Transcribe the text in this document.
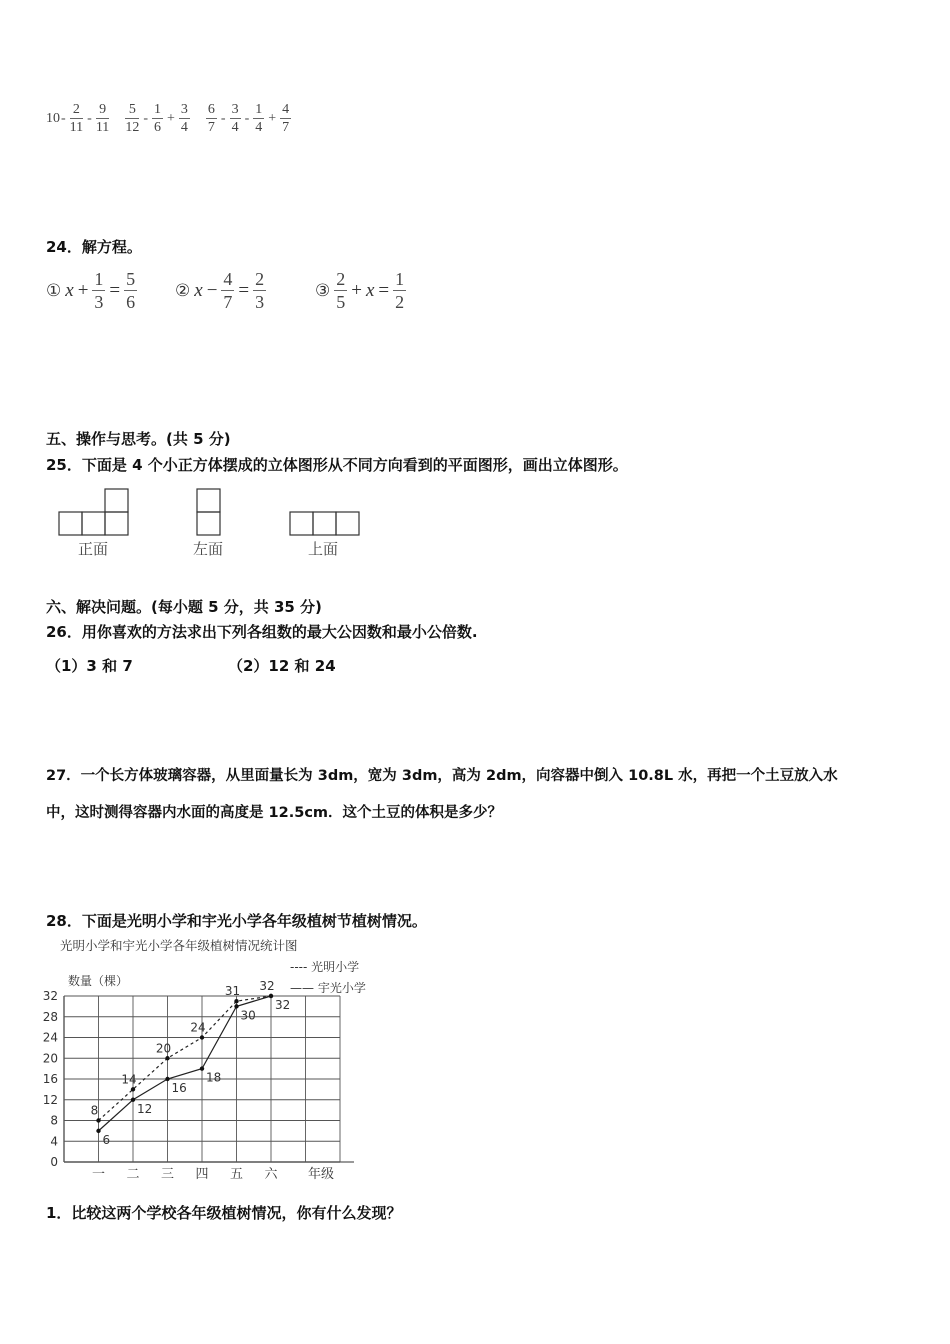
$10 - \frac{2}{11} - \frac{9}{11} \frac{5}{12} - \frac{1}{6} + \frac{3}{4} \frac{6}{7} - \frac{3}{4} - \frac{1}{4} + \frac{4}{7}$
24．解方程。
① $x + \frac{1}{3} = \frac{5}{6}$ ② $x - \frac{4}{7} = \frac{2}{3}$	③ $\frac{2}{5} + x = \frac{1}{2}$
五、操作与思考。(共 5 分)
25．下面是 4 个小正方体摆成的立体图形从不同方向看到的平面图形，画出立体图形。
正面	左面	上面
六、解决问题。(每小题 5 分，共 35 分)
26．用你喜欢的方法求出下列各组数的最大公因数和最小公倍数.
（1）3 和 7	（2）12 和 24
27．一个长方体玻璃容器，从里面量长为 3dm，宽为 3dm，高为 2dm，向容器中倒入 10.8L 水，再把一个土豆放入水
中，这时测得容器内水面的高度是 12.5cm．这个土豆的体积是多少？
28．下面是光明小学和宇光小学各年级植树节植树情况。
光明小学和宇光小学各年级植树情况统计图
数量（棵）
---- 光明小学
—— 宇光小学
年级
0
4
8
12
16
20
24
28
32
一 二 三 四 五 六
8
14
20
24
31 32
6
12
16
18
30
32
1．比较这两个学校各年级植树情况，你有什么发现？
